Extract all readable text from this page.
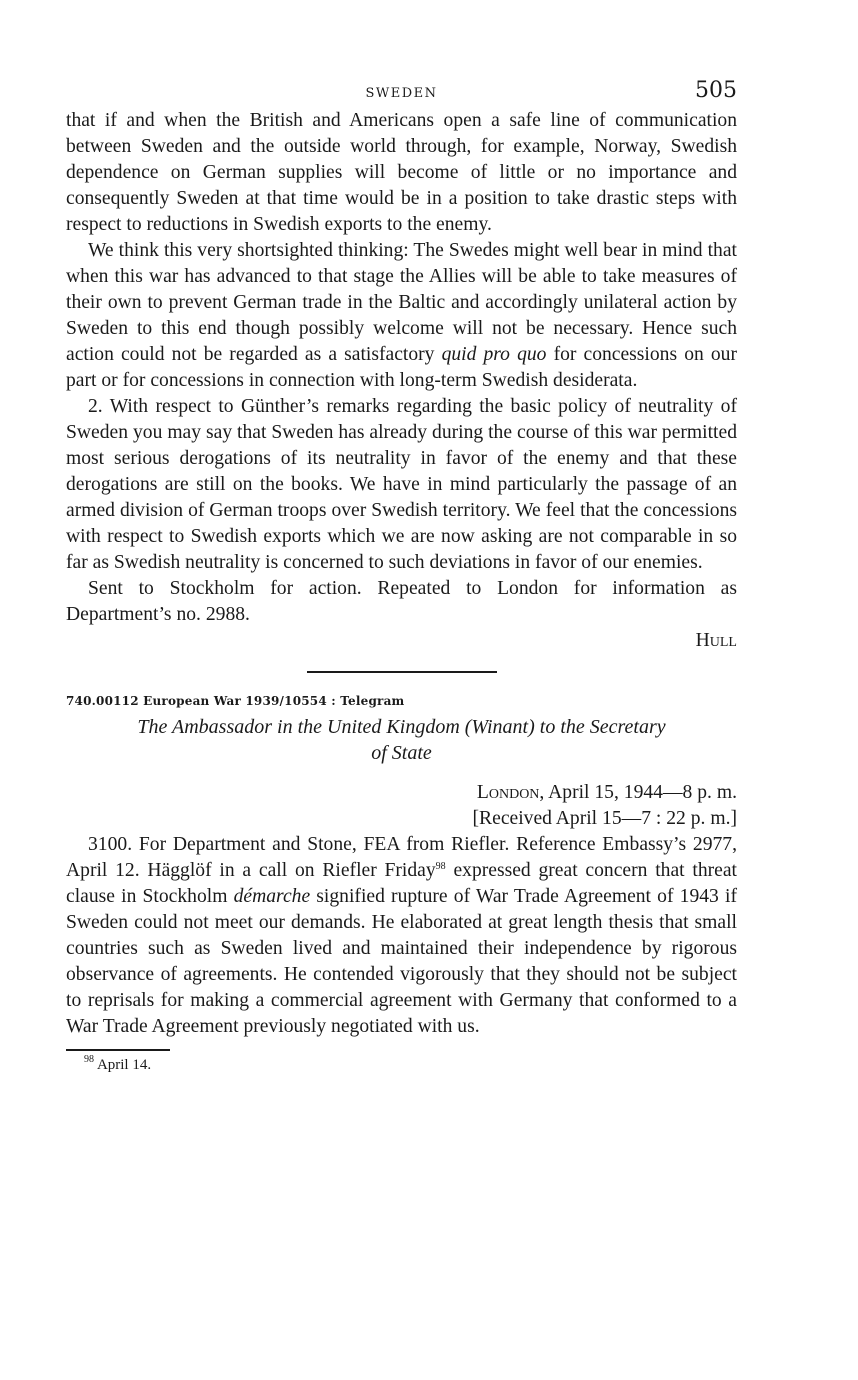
SWEDEN	505

that if and when the British and Americans open a safe line of communication between Sweden and the outside world through, for example, Norway, Swedish dependence on German supplies will become of little or no importance and consequently Sweden at that time would be in a position to take drastic steps with respect to reductions in Swedish exports to the enemy.

We think this very shortsighted thinking: The Swedes might well bear in mind that when this war has advanced to that stage the Allies will be able to take measures of their own to prevent German trade in the Baltic and accordingly unilateral action by Sweden to this end though possibly welcome will not be necessary. Hence such action could not be regarded as a satisfactory quid pro quo for concessions on our part or for concessions in connection with long-term Swedish desiderata.

2. With respect to Günther’s remarks regarding the basic policy of neutrality of Sweden you may say that Sweden has already during the course of this war permitted most serious derogations of its neutrality in favor of the enemy and that these derogations are still on the books. We have in mind particularly the passage of an armed division of German troops over Swedish territory. We feel that the concessions with respect to Swedish exports which we are now asking are not comparable in so far as Swedish neutrality is concerned to such deviations in favor of our enemies.

Sent to Stockholm for action. Repeated to London for information as Department’s no. 2988.

Hull

740.00112 European War 1939/10554 : Telegram

The Ambassador in the United Kingdom (Winant) to the Secretary
of State

London, April 15, 1944—8 p. m.
[Received April 15—7 : 22 p. m.]

3100. For Department and Stone, FEA from Riefler. Reference Embassy’s 2977, April 12. Hägglöf in a call on Riefler Friday$^{98}$ expressed great concern that threat clause in Stockholm démarche signified rupture of War Trade Agreement of 1943 if Sweden could not meet our demands. He elaborated at great length thesis that small countries such as Sweden lived and maintained their independence by rigorous observance of agreements. He contended vigorously that they should not be subject to reprisals for making a commercial agreement with Germany that conformed to a War Trade Agreement previously negotiated with us.

$^{98}$ April 14.
